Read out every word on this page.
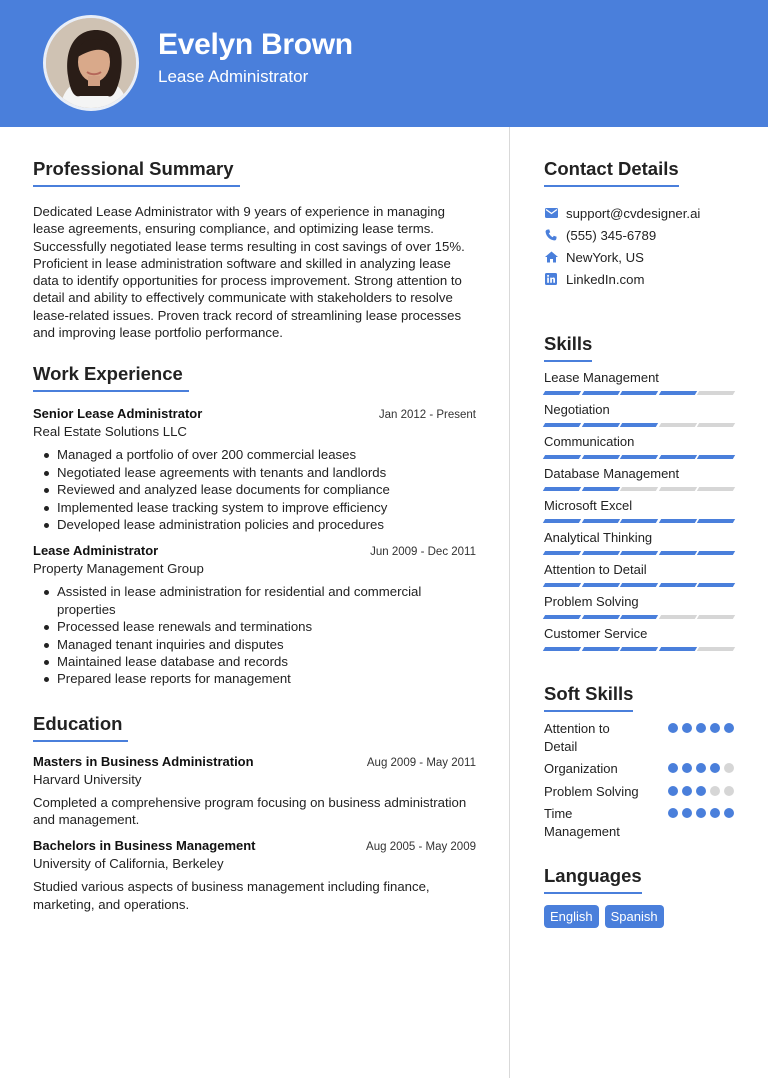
Evelyn Brown
Lease Administrator
Professional Summary

Dedicated Lease Administrator with 9 years of experience in managing lease agreements, ensuring compliance, and optimizing lease terms. Successfully negotiated lease terms resulting in cost savings of over 15%. Proficient in lease administration software and skilled in analyzing lease data to identify opportunities for process improvement. Strong attention to detail and ability to effectively communicate with stakeholders to resolve lease-related issues. Proven track record of streamlining lease processes and improving lease portfolio performance.

Work Experience
Senior Lease Administrator	Jan 2012 - Present
Real Estate Solutions LLC
Managed a portfolio of over 200 commercial leases
Negotiated lease agreements with tenants and landlords
Reviewed and analyzed lease documents for compliance
Implemented lease tracking system to improve efficiency
Developed lease administration policies and procedures
Lease Administrator	Jun 2009 - Dec 2011
Property Management Group
Assisted in lease administration for residential and commercial properties
Processed lease renewals and terminations
Managed tenant inquiries and disputes
Maintained lease database and records
Prepared lease reports for management
Education
Masters in Business Administration	Aug 2009 - May 2011
Harvard University

Completed a comprehensive program focusing on business administration and management.

Bachelors in Business Management	Aug 2005 - May 2009
University of California, Berkeley

Studied various aspects of business management including finance, marketing, and operations.

Contact Details
support@cvdesigner.ai
(555) 345-6789
NewYork, US
LinkedIn.com
Skills
Lease Management
Negotiation
Communication
Database Management
Microsoft Excel
Analytical Thinking
Attention to Detail
Problem Solving
Customer Service
Soft Skills
Attention to Detail
Organization
Problem Solving
Time Management
Languages
English	Spanish
